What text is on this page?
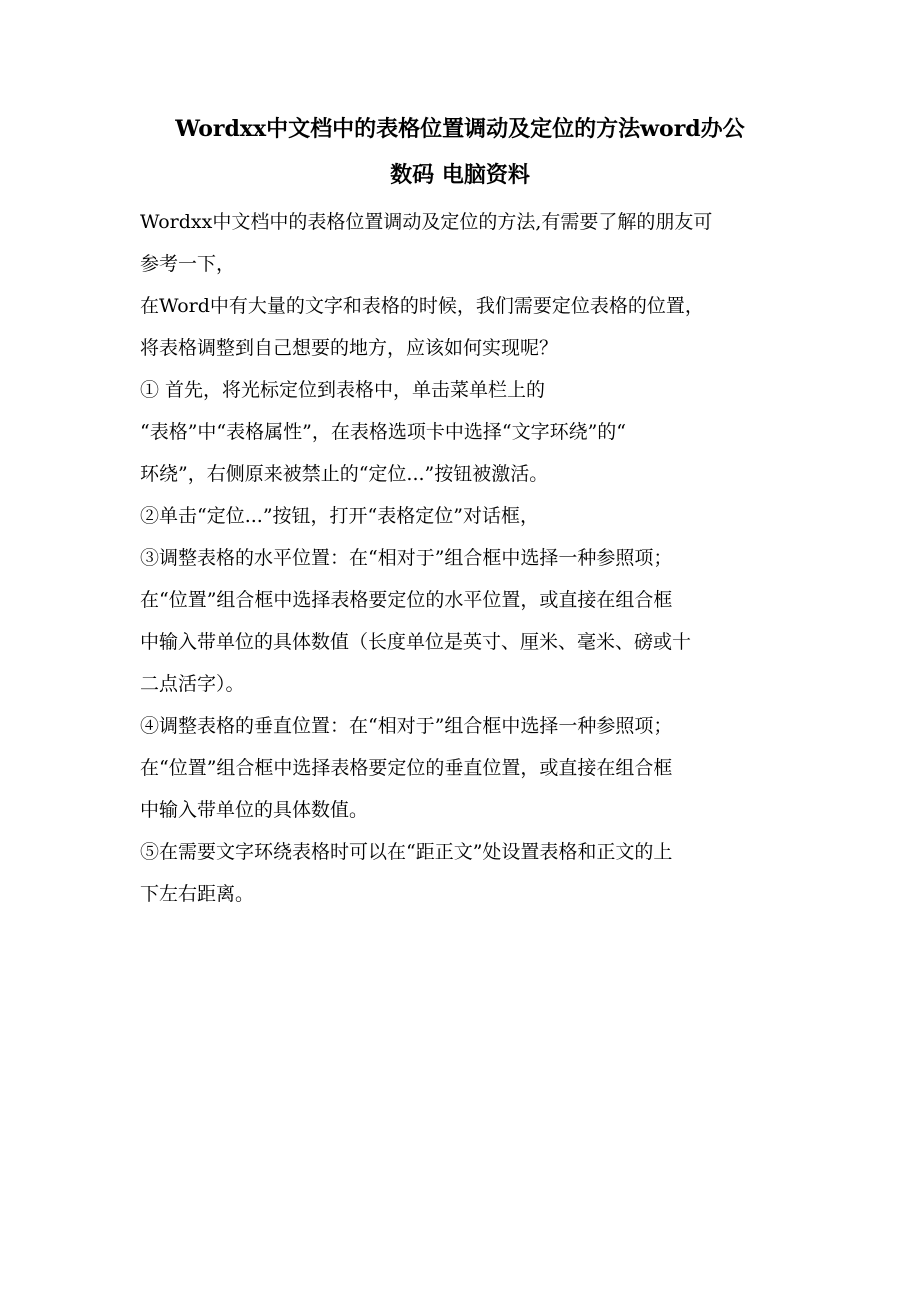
Wordxx中文档中的表格位置调动及定位的方法word办公
数码 电脑资料
Wordxx中文档中的表格位置调动及定位的方法,有需要了解的朋友可
参考一下，
在Word中有大量的文字和表格的时候，我们需要定位表格的位置，
将表格调整到自己想要的地方，应该如何实现呢？
① 首先，将光标定位到表格中，单击菜单栏上的
“表格”中“表格属性”，在表格选项卡中选择“文字环绕”的“
环绕”，右侧原来被禁止的“定位...”按钮被激活。
②单击“定位...”按钮，打开“表格定位”对话框，
③调整表格的水平位置：在“相对于”组合框中选择一种参照项；
在“位置”组合框中选择表格要定位的水平位置，或直接在组合框
中输入带单位的具体数值（长度单位是英寸、厘米、毫米、磅或十
二点活字）。
④调整表格的垂直位置：在“相对于”组合框中选择一种参照项；
在“位置”组合框中选择表格要定位的垂直位置，或直接在组合框
中输入带单位的具体数值。
⑤在需要文字环绕表格时可以在“距正文”处设置表格和正文的上
下左右距离。
